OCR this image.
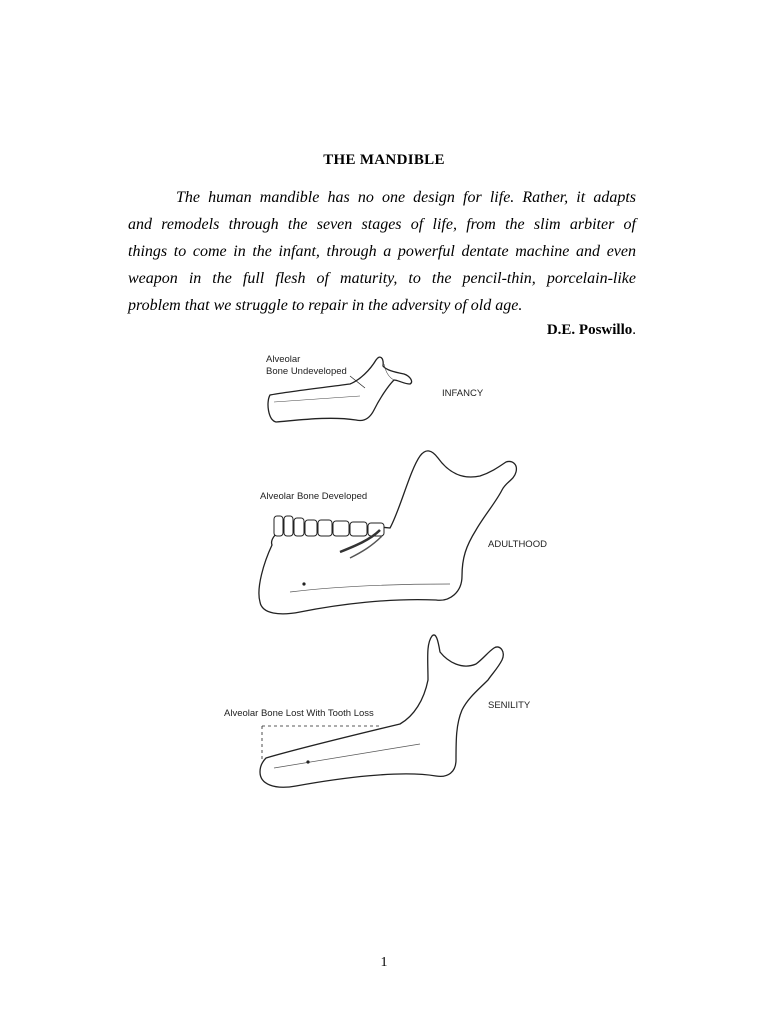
THE MANDIBLE

The human mandible has no one design for life. Rather, it adapts
and remodels through the seven stages of life, from the slim arbiter of
things to come in the infant, through a powerful dentate machine and even
weapon in the full flesh of maturity, to the pencil-thin, porcelain-like
problem that we struggle to repair in the adversity of old age.

D.E. Poswillo.
Alveolar
Bone Undeveloped
INFANCY
Alveolar Bone Developed
ADULTHOOD
Alveolar Bone Lost With Tooth Loss
SENILITY
1
